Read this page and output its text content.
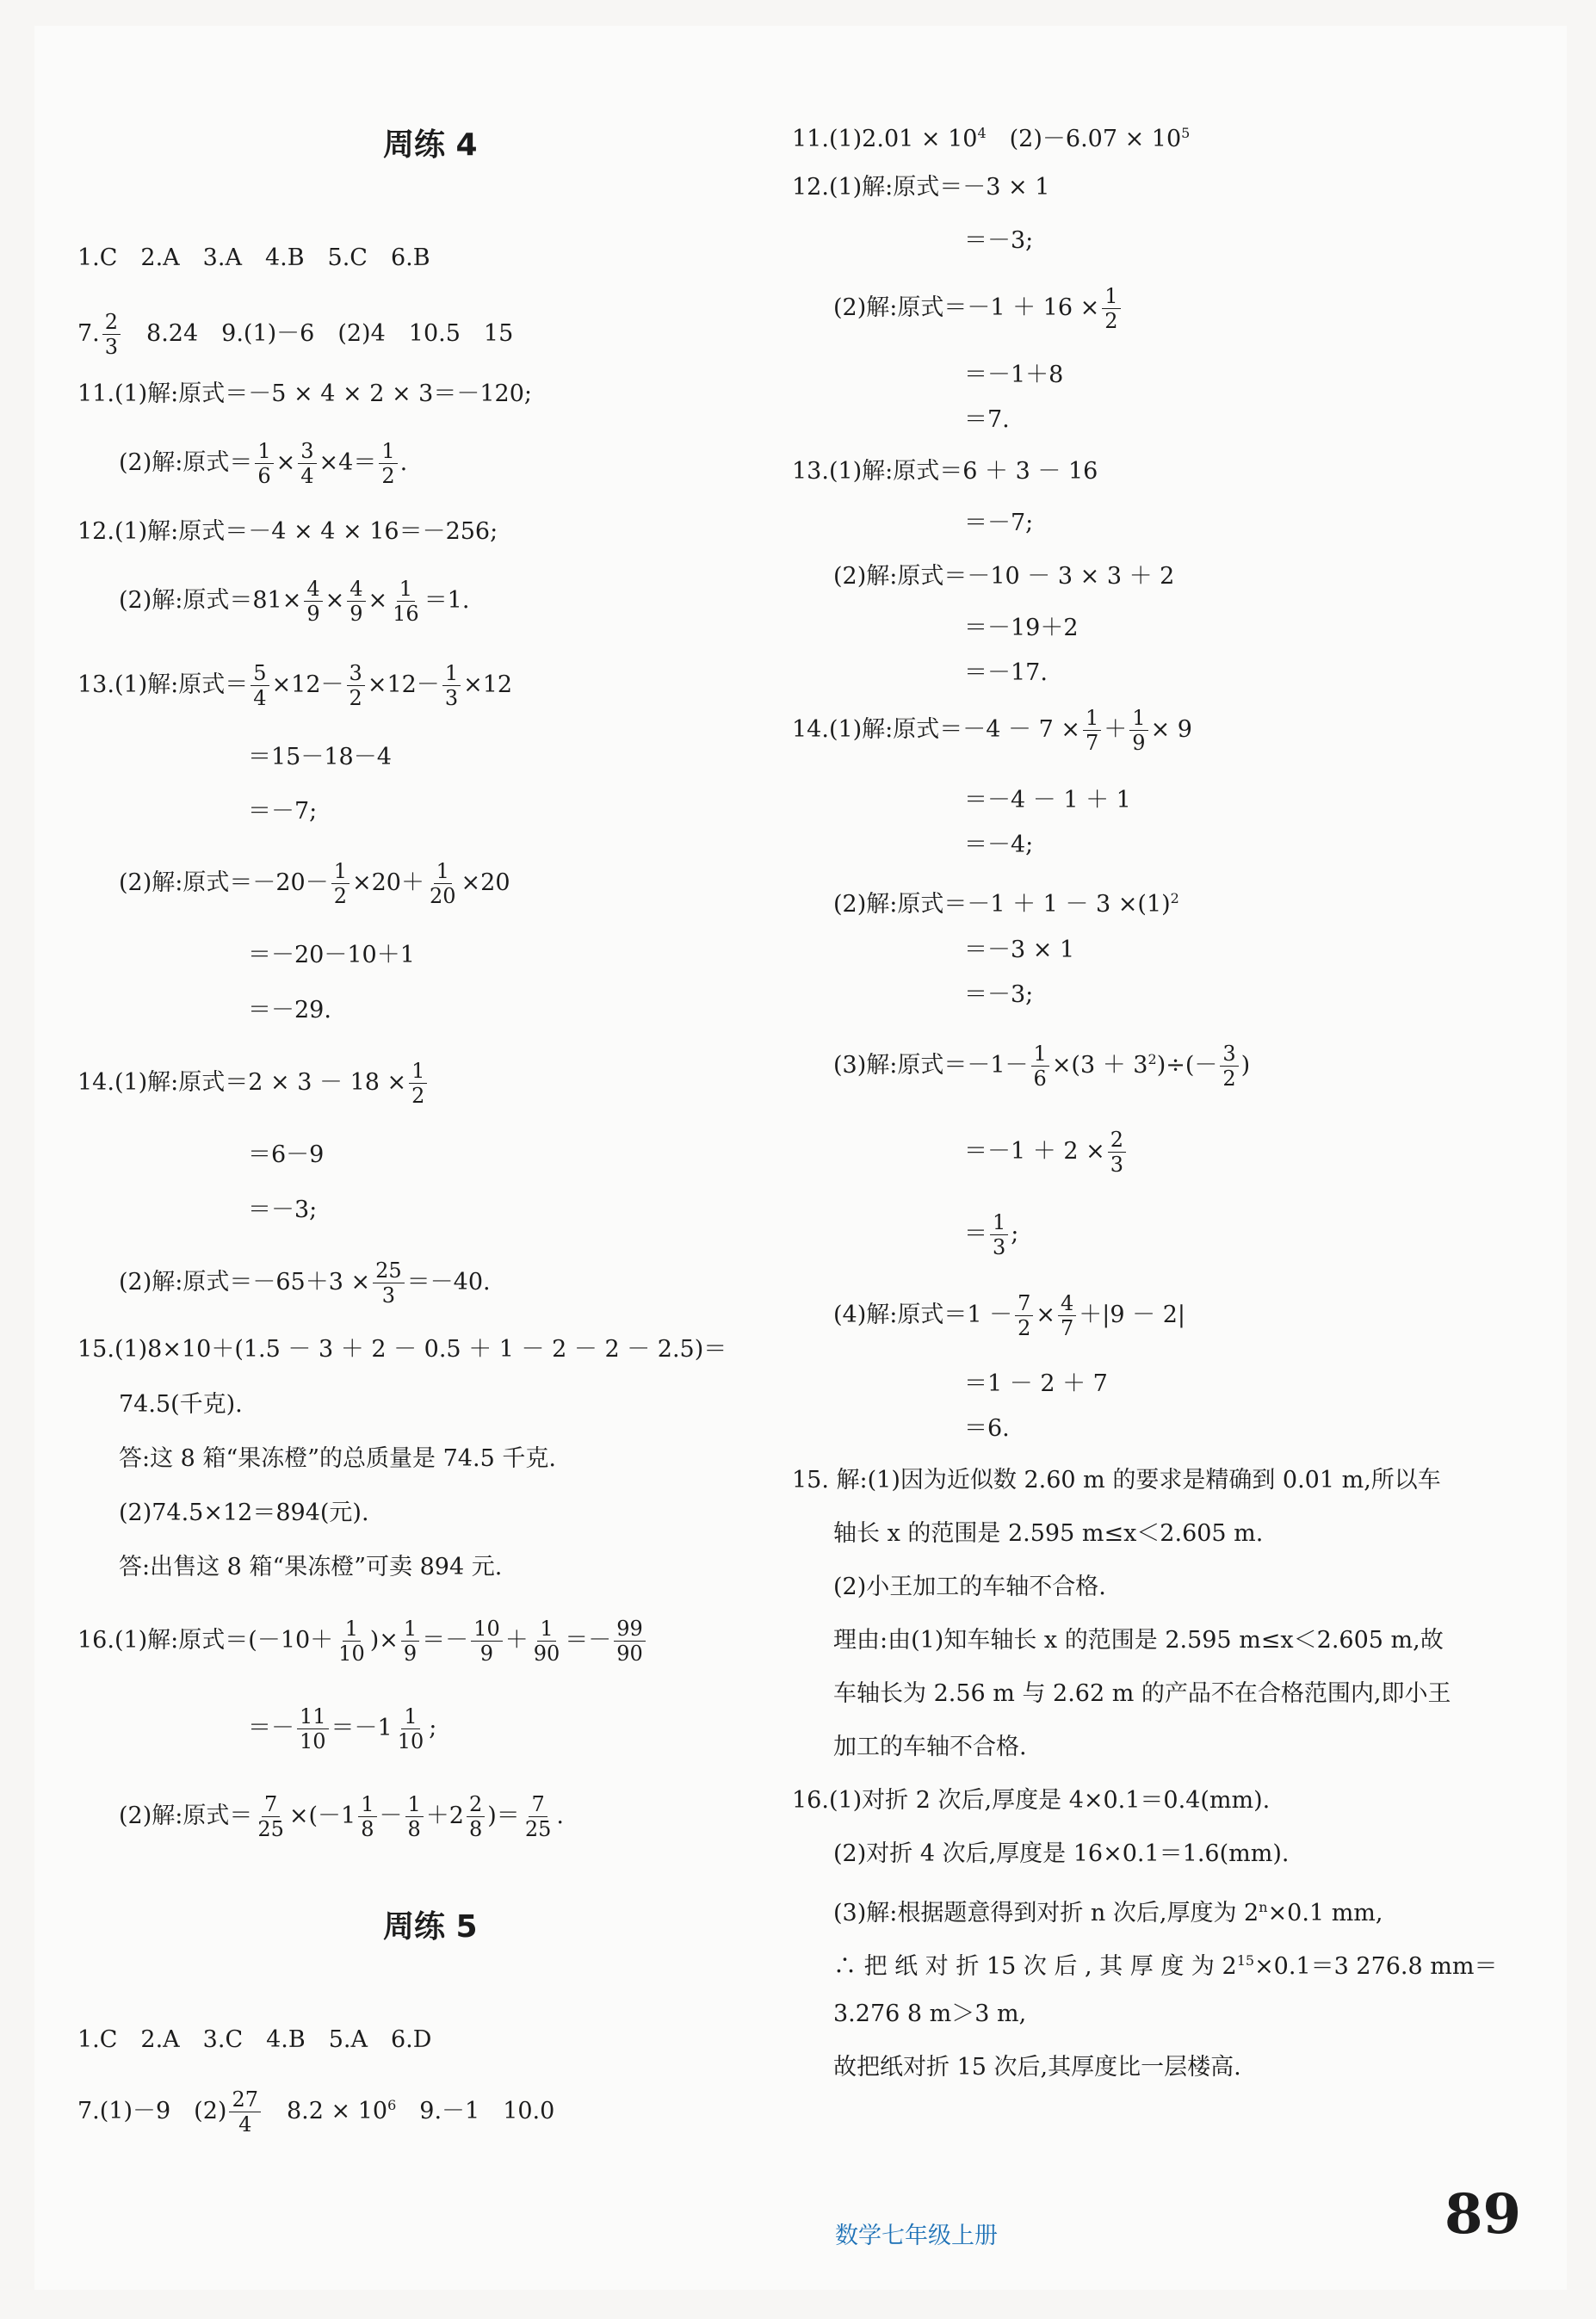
周练 4
1.C　2.A　3.A　4.B　5.C　6.B
7. $\frac{2}{3}$ 　8.24　9.(1)－6　(2)4　10.5　15
11.(1)解:原式＝－5 × 4 × 2 × 3＝－120;
(2)解:原式＝ $\frac{1}{6} \times \frac{3}{4} \times 4= \frac{1}{2}$ .
12.(1)解:原式＝－4 × 4 × 16＝－256;
(2)解:原式$=81\times \frac{4}{9} \times \frac{4}{9} \times \frac{1}{16} =1$.
13.(1)解:原式＝ $\frac{5}{4} \times 12- \frac{3}{2} \times 12- \frac{1}{3} \times 12$
＝15－18－4
＝－7;
(2)解:原式$=-20- \frac{1}{2} \times 20+ \frac{1}{20} \times 20$
＝－20－10＋1
＝－29.
14.(1)解:原式$=2 \times 3 - 18 \times \frac{1}{2}$
＝6－9
＝－3;
(2)解:原式$=-65+3 \times \frac{25}{3} =-40$.
15.(1)8×10＋(1.5 － 3 ＋ 2 － 0.5 ＋ 1 － 2 － 2 － 2.5)＝
74.5(千克).
答:这 8 箱“果冻橙”的总质量是 74.5 千克.
(2)74.5×12＝894(元).
答:出售这 8 箱“果冻橙”可卖 894 元.
16.(1)解:原式$=(-10+ \frac{1}{10}$ )× $\frac{1}{9} =- \frac{10}{9} + \frac{1}{90} =- \frac{99}{90}$
＝－ $\frac{11}{10} =-1 \frac{1}{10}$ ;
(2)解:原式＝ $\frac{7}{25} \times(-1 \frac{1}{8} - \frac{1}{8} +2 \frac{2}{8}$ )＝ $\frac{7}{25}$ .
周练 5
1.C　2.A　3.C　4.B　5.A　6.D
7.(1)－9　$(2) \frac{27}{4}$ 　$8.2 \times 10^6$　9.－1　10.0
$11.(1)2.01 \times 10^4$　$(2)-6.07 \times 10^5$
12.(1)解:原式＝－3 × 1
＝－3;
(2)解:原式$=-1 + 16 \times \frac{1}{2}$
＝－1＋8
＝7.
13.(1)解:原式＝6 ＋ 3 － 16
＝－7;
(2)解:原式＝－10 － 3 × 3 ＋ 2
＝－19＋2
＝－17.
14.(1)解:原式$=-4 - 7 \times \frac{1}{7} + \frac{1}{9} \times 9$
＝－4 － 1 ＋ 1
＝－4;
(2)解:原式$=-1 + 1 - 3 \times(1)^2$
＝－3 × 1
＝－3;
(3)解:原式$=-1- \frac{1}{6} \times(3 + 3^2)\div(- \frac{3}{2}$ )
$=-1 + 2 \times \frac{2}{3}$
＝ $\frac{1}{3}$ ;
(4)解:原式$=1 - \frac{7}{2} \times \frac{4}{7} +|9 - 2|$
＝1 － 2 ＋ 7
＝6.
15. 解:(1)因为近似数 2.60 m 的要求是精确到 0.01 m,所以车
轴长 x 的范围是 2.595 m≤x＜2.605 m.
(2)小王加工的车轴不合格.
理由:由(1)知车轴长 x 的范围是 2.595 m≤x＜2.605 m,故
车轴长为 2.56 m 与 2.62 m 的产品不在合格范围内,即小王
加工的车轴不合格.
16.(1)对折 2 次后,厚度是 4×0.1＝0.4(mm).
(2)对折 4 次后,厚度是 16×0.1＝1.6(mm).
(3)解:根据题意得到对折 n 次后,厚度为 $2^n\times 0.1$ mm,
∴ 把 纸 对 折 15 次 后 , 其 厚 度 为 $2^{15}\times 0.1=3$ 276.8 mm＝
3.276 8 m＞3 m,
故把纸对折 15 次后,其厚度比一层楼高.
数学七年级上册	89
